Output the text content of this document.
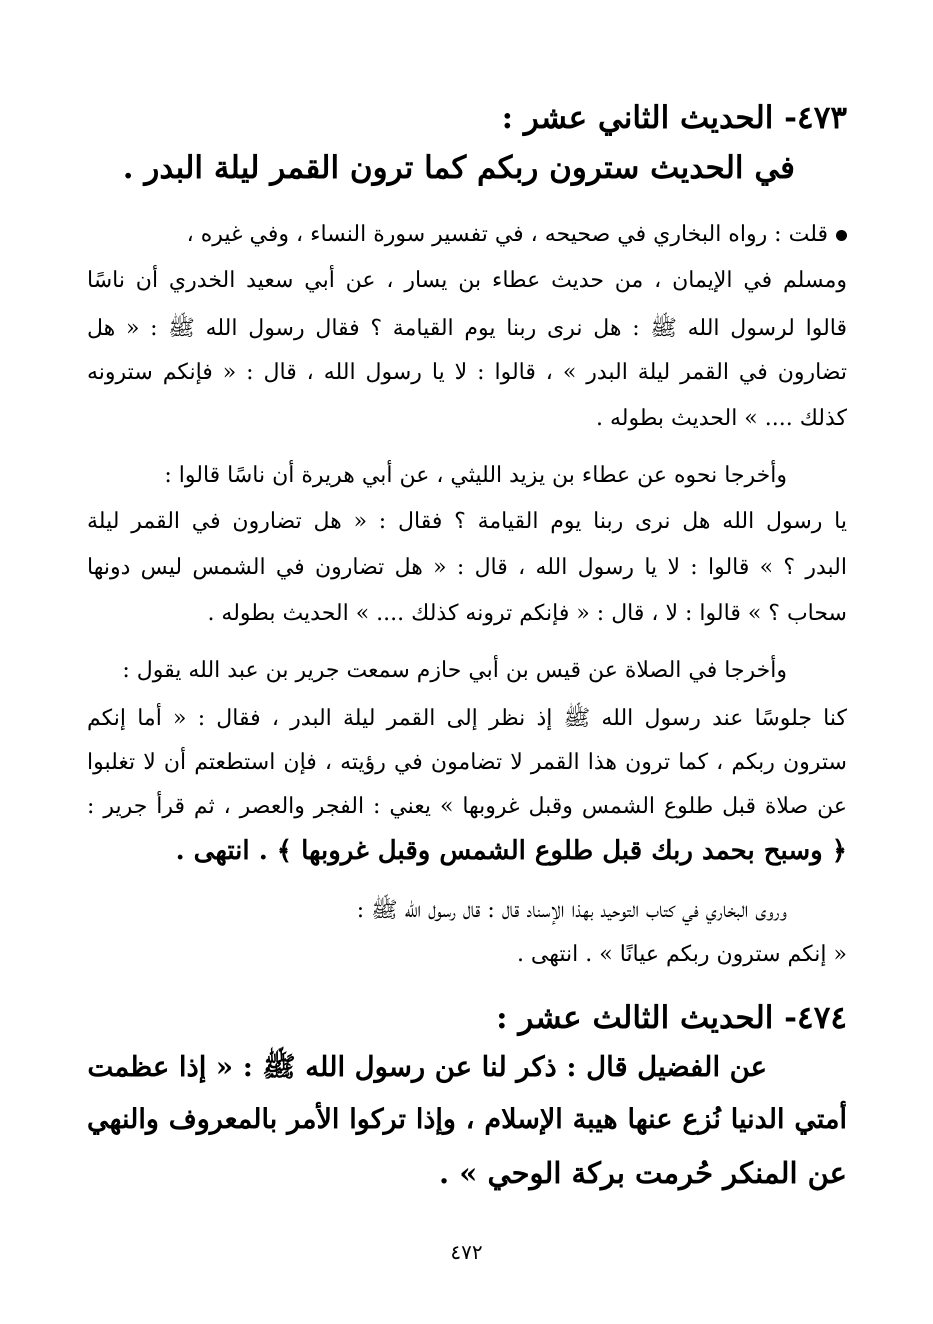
٤٧٣- الحديث الثاني عشر :
في الحديث سترون ربكم كما ترون القمر ليلة البدر .
قلت : رواه البخاري في صحيحه ، في تفسير سورة النساء ، وفي غيره ،
ومسلم في الإيمان ، من حديث عطاء بن يسار ، عن أبي سعيد الخدري أن ناسًا
قالوا لرسول الله ﷺ : هل نرى ربنا يوم القيامة ؟ فقال رسول الله ﷺ : « هل
تضارون في القمر ليلة البدر » ، قالوا : لا يا رسول الله ، قال : « فإنكم سترونه
كذلك .... » الحديث بطوله .
وأخرجا نحوه عن عطاء بن يزيد الليثي ، عن أبي هريرة أن ناسًا قالوا :
يا رسول الله هل نرى ربنا يوم القيامة ؟ فقال : « هل تضارون في القمر ليلة
البدر ؟ » قالوا : لا يا رسول الله ، قال : « هل تضارون في الشمس ليس دونها
سحاب ؟ » قالوا : لا ، قال : « فإنكم ترونه كذلك .... » الحديث بطوله .
وأخرجا في الصلاة عن قيس بن أبي حازم سمعت جرير بن عبد الله يقول :
كنا جلوسًا عند رسول الله ﷺ إذ نظر إلى القمر ليلة البدر ، فقال : « أما إنكم
سترون ربكم ، كما ترون هذا القمر لا تضامون في رؤيته ، فإن استطعتم أن لا تغلبوا
عن صلاة قبل طلوع الشمس وقبل غروبها » يعني : الفجر والعصر ، ثم قرأ جرير :
﴿ وسبح بحمد ربك قبل طلوع الشمس وقبل غروبها ﴾ . انتهى .
وروى البخاري في كتاب التوحيد بهذا الإسناد قال : قال رسول الله ﷺ :
« إنكم سترون ربكم عيانًا » . انتهى .
٤٧٤- الحديث الثالث عشر :
عن الفضيل قال : ذكر لنا عن رسول الله ﷺ : « إذا عظمت
أمتي الدنيا نُزع عنها هيبة الإسلام ، وإذا تركوا الأمر بالمعروف والنهي
عن المنكر حُرمت بركة الوحي » .
٤٧٢
